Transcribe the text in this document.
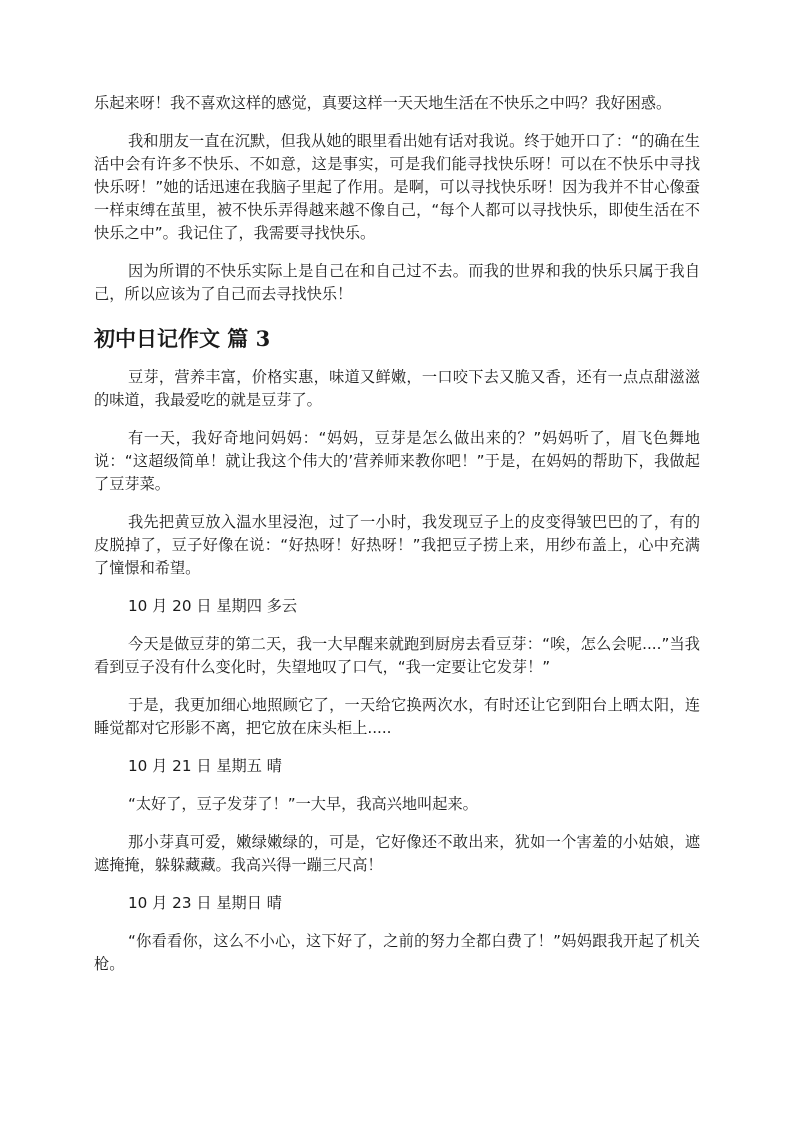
乐起来呀！我不喜欢这样的感觉，真要这样一天天地生活在不快乐之中吗？我好困惑。

我和朋友一直在沉默，但我从她的眼里看出她有话对我说。终于她开口了：“的确在生活中会有许多不快乐、不如意，这是事实，可是我们能寻找快乐呀！可以在不快乐中寻找快乐呀！”她的话迅速在我脑子里起了作用。是啊，可以寻找快乐呀！因为我并不甘心像蚕一样束缚在茧里，被不快乐弄得越来越不像自己，“每个人都可以寻找快乐，即使生活在不快乐之中”。我记住了，我需要寻找快乐。

因为所谓的不快乐实际上是自己在和自己过不去。而我的世界和我的快乐只属于我自己，所以应该为了自己而去寻找快乐！

初中日记作文 篇 3

豆芽，营养丰富，价格实惠，味道又鲜嫩，一口咬下去又脆又香，还有一点点甜滋滋的味道，我最爱吃的就是豆芽了。

有一天，我好奇地问妈妈：“妈妈，豆芽是怎么做出来的？”妈妈听了，眉飞色舞地说：“这超级简单！就让我这个伟大的’营养师来教你吧！”于是，在妈妈的帮助下，我做起了豆芽菜。

我先把黄豆放入温水里浸泡，过了一小时，我发现豆子上的皮变得皱巴巴的了，有的皮脱掉了，豆子好像在说：“好热呀！好热呀！”我把豆子捞上来，用纱布盖上，心中充满了憧憬和希望。

10 月 20 日 星期四 多云

今天是做豆芽的第二天，我一大早醒来就跑到厨房去看豆芽：“唉，怎么会呢....”当我看到豆子没有什么变化时，失望地叹了口气，“我一定要让它发芽！”

于是，我更加细心地照顾它了，一天给它换两次水，有时还让它到阳台上晒太阳，连睡觉都对它形影不离，把它放在床头柜上.....

10 月 21 日 星期五 晴

“太好了，豆子发芽了！”一大早，我高兴地叫起来。

那小芽真可爱，嫩绿嫩绿的，可是，它好像还不敢出来，犹如一个害羞的小姑娘，遮遮掩掩，躲躲藏藏。我高兴得一蹦三尺高！

10 月 23 日 星期日 晴

“你看看你，这么不小心，这下好了，之前的努力全都白费了！”妈妈跟我开起了机关枪。
